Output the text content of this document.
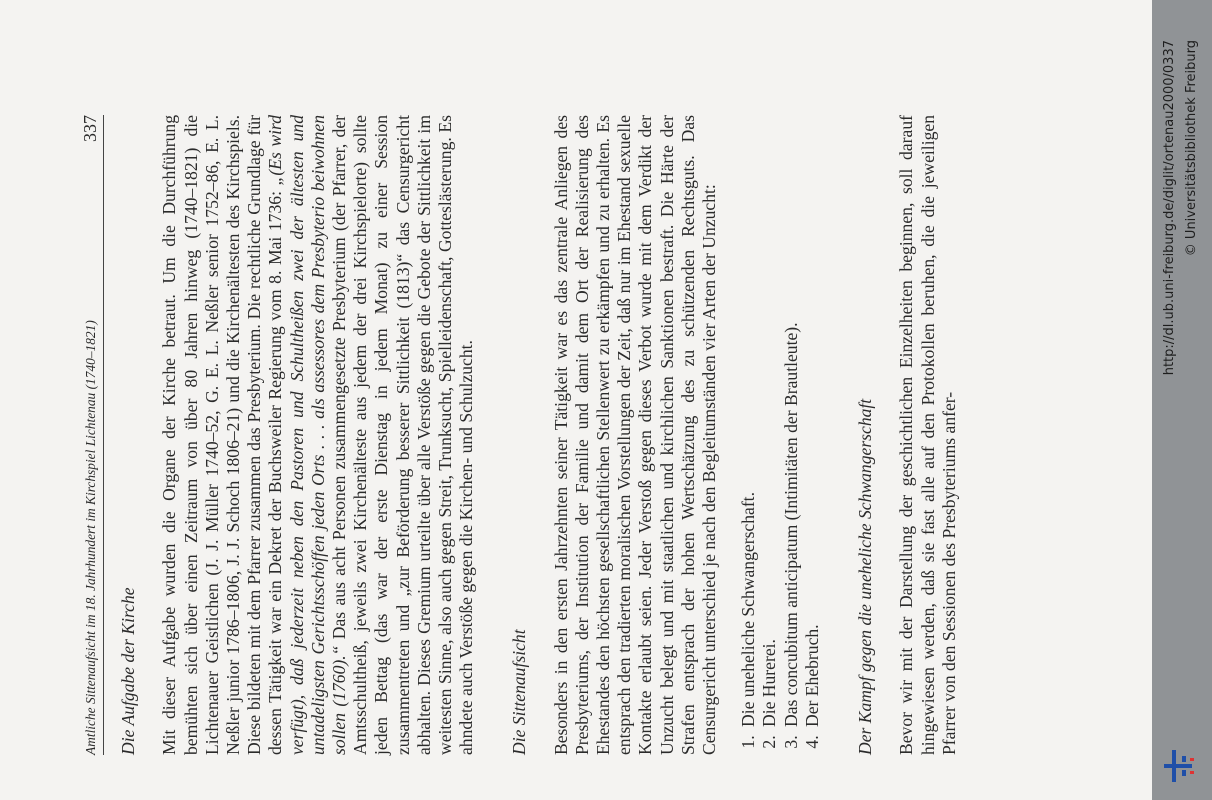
Amtliche Sittenaufsicht im 18. Jahrhundert im Kirchspiel Lichtenau (1740–1821)
337
Die Aufgabe der Kirche Mit dieser Aufgabe wurden die Organe der Kirche betraut. Um die Durchführung bemühten sich über einen Zeitraum von über 80 Jahren hinweg (1740–1821) die Lichtenauer Geistlichen (J. J. Müller 1740–52, G. E. L. Neßler senior 1752–86, E. L. Neßler junior 1786–1806, J. J. Schoch 1806–21) und die Kirchenältesten des Kirchspiels. Diese bildeten mit dem Pfarrer zusammen das Presbyterium. Die rechtliche Grundlage für dessen Tätigkeit war ein Dekret der Buchsweiler Regierung vom 8. Mai 1736: „(Es wird verfügt), daß jederzeit neben den Pastoren und Schultheißen zwei der ältesten und untadeligsten Gerichtsschöffen jeden Orts . . . als assessores dem Presbyterio beiwohnen sollen (1760).“ Das aus acht Personen zusammengesetzte Presbyterium (der Pfarrer, der Amtsschultheiß, jeweils zwei Kirchenälteste aus jedem der drei Kirchspielorte) sollte jeden Bettag (das war der erste Dienstag in jedem Monat) zu einer Session zusammentreten und „zur Beförderung besserer Sittlichkeit (1813)“ das Censurgericht abhalten. Dieses Gremium urteilte über alle Verstöße gegen die Gebote der Sittlichkeit im weitesten Sinne, also auch gegen Streit, Trunksucht, Spielleidenschaft, Gotteslästerung. Es ahndete auch Verstöße gegen die Kirchen- und Schulzucht. Die Sittenaufsicht Besonders in den ersten Jahrzehnten seiner Tätigkeit war es das zentrale Anliegen des Presbyteriums, der Institution der Familie und damit dem Ort der Realisierung des Ehestandes den höchsten gesellschaftlichen Stellenwert zu erkämpfen und zu erhalten. Es entsprach den tradierten moralischen Vorstellungen der Zeit, daß nur im Ehestand sexuelle Kontakte erlaubt seien. Jeder Verstoß gegen dieses Verbot wurde mit dem Verdikt der Unzucht belegt und mit staatlichen und kirchlichen Sanktionen bestraft. Die Härte der Strafen entsprach der hohen Wertschätzung des zu schützenden Rechtsguts. Das Censurgericht unterschied je nach den Begleitumständen vier Arten der Unzucht: 1. Die uneheliche Schwangerschaft. 2. Die Hurerei. 3. Das concubitum anticipatum (Intimitäten der Brautleute). 4. Der Ehebruch. Der Kampf gegen die uneheliche Schwangerschaft Bevor wir mit der Darstellung der geschichtlichen Einzelheiten beginnen, soll darauf hingewiesen werden, daß sie fast alle auf den Protokollen beruhen, die die jeweiligen Pfarrer von den Sessionen des Presbyteriums anfer-

http://dl.ub.uni-freiburg.de/diglit/ortenau2000/0337 © Universitätsbibliothek Freiburg
